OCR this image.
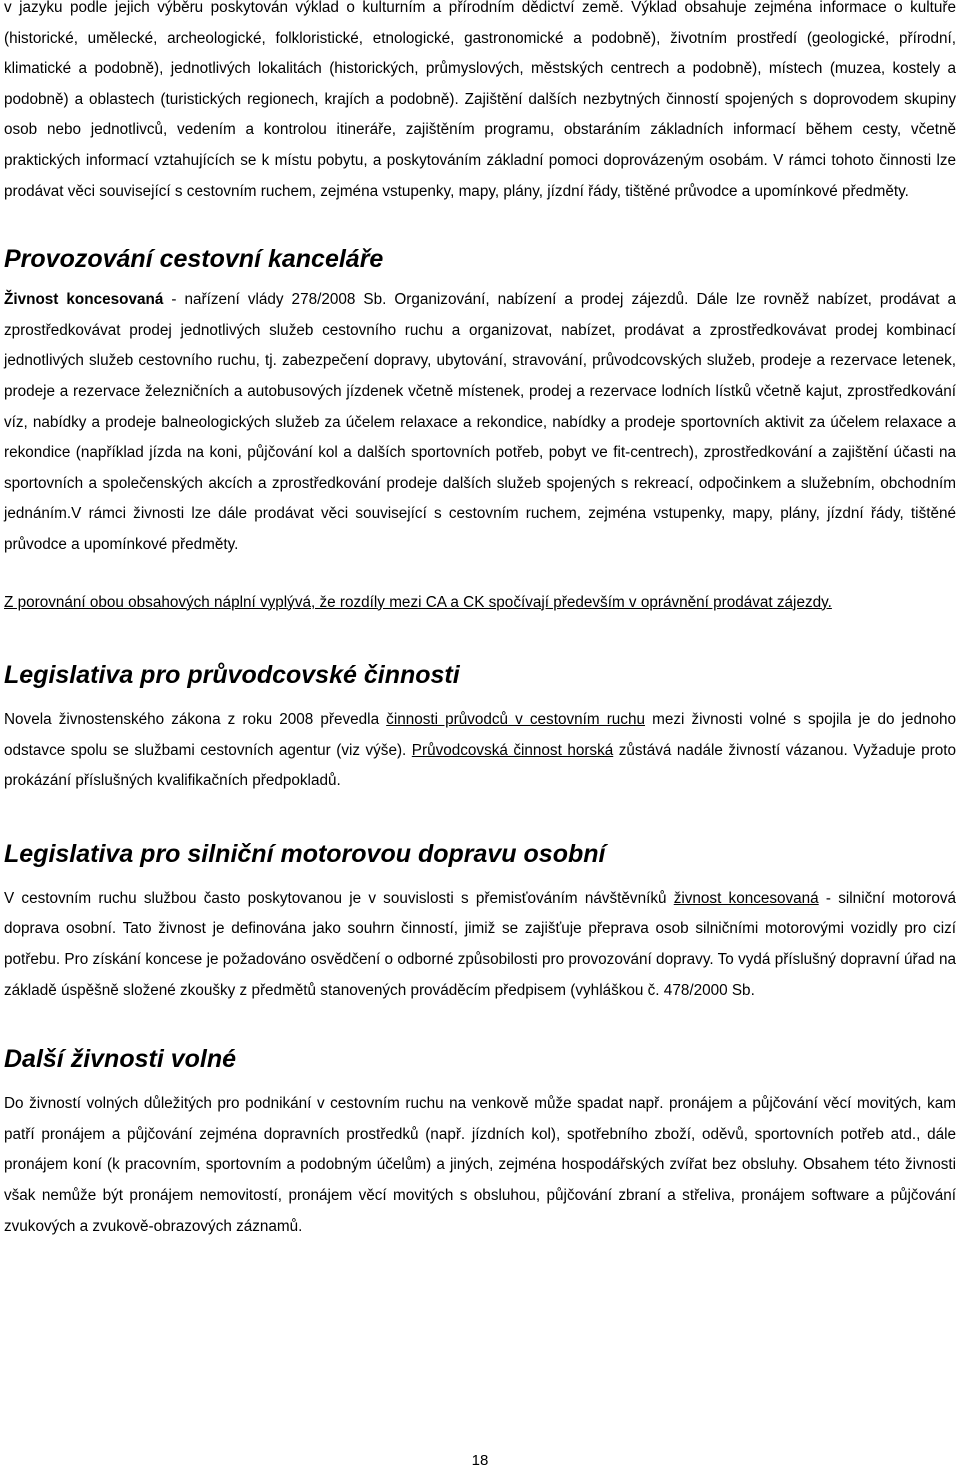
v jazyku podle jejich výběru poskytován výklad o kulturním a přírodním dědictví země. Výklad obsahuje zejména informace o kultuře (historické, umělecké, archeologické, folkloristické, etnologické, gastronomické a podobně), životním prostředí (geologické, přírodní, klimatické a podobně), jednotlivých lokalitách (historických, průmyslových, městských centrech a podobně), místech (muzea, kostely a podobně) a oblastech (turistických regionech, krajích a podobně). Zajištění dalších nezbytných činností spojených s doprovodem skupiny osob nebo jednotlivců, vedením a kontrolou itineráře, zajištěním programu, obstaráním základních informací během cesty, včetně praktických informací vztahujících se k místu pobytu, a poskytováním základní pomoci doprovázeným osobám. V rámci tohoto činnosti lze prodávat věci související s cestovním ruchem, zejména vstupenky, mapy, plány, jízdní řády, tištěné průvodce a upomínkové předměty.

Provozování cestovní kanceláře

Živnost koncesovaná - nařízení vlády 278/2008 Sb. Organizování, nabízení a prodej zájezdů. Dále lze rovněž nabízet, prodávat a zprostředkovávat prodej jednotlivých služeb cestovního ruchu a organizovat, nabízet, prodávat a zprostředkovávat prodej kombinací jednotlivých služeb cestovního ruchu, tj. zabezpečení dopravy, ubytování, stravování, průvodcovských služeb, prodeje a rezervace letenek, prodeje a rezervace železničních a autobusových jízdenek včetně místenek, prodej a rezervace lodních lístků včetně kajut, zprostředkování víz, nabídky a prodeje balneologických služeb za účelem relaxace a rekondice, nabídky a prodeje sportovních aktivit za účelem relaxace a rekondice (například jízda na koni, půjčování kol a dalších sportovních potřeb, pobyt ve fit-centrech), zprostředkování a zajištění účasti na sportovních a společenských akcích a zprostředkování prodeje dalších služeb spojených s rekreací, odpočinkem a služebním, obchodním jednáním.V rámci živnosti lze dále prodávat věci související s cestovním ruchem, zejména vstupenky, mapy, plány, jízdní řády, tištěné průvodce a upomínkové předměty.

Z porovnání obou obsahových náplní vyplývá, že rozdíly mezi CA a CK spočívají především v oprávnění prodávat zájezdy.

Legislativa pro průvodcovské činnosti

Novela živnostenského zákona z roku 2008 převedla činnosti průvodců v cestovním ruchu mezi živnosti volné s spojila je do jednoho odstavce spolu se službami cestovních agentur (viz výše). Průvodcovská činnost horská zůstává nadále živností vázanou. Vyžaduje proto prokázání příslušných kvalifikačních předpokladů.

Legislativa pro silniční motorovou dopravu osobní

V cestovním ruchu službou často poskytovanou je v souvislosti s přemisťováním návštěvníků živnost koncesovaná - silniční motorová doprava osobní. Tato živnost je definována jako souhrn činností, jimiž se zajišťuje přeprava osob silničními motorovými vozidly pro cizí potřebu. Pro získání koncese je požadováno osvědčení o odborné způsobilosti pro provozování dopravy. To vydá příslušný dopravní úřad na základě úspěšně složené zkoušky z předmětů stanovených prováděcím předpisem (vyhláškou č. 478/2000 Sb.

Další živnosti volné

Do živností volných důležitých pro podnikání v cestovním ruchu na venkově může spadat např. pronájem a půjčování věcí movitých, kam patří pronájem a půjčování zejména dopravních prostředků (např. jízdních kol), spotřebního zboží, oděvů, sportovních potřeb atd., dále pronájem koní (k pracovním, sportovním a podobným účelům) a jiných, zejména hospodářských zvířat bez obsluhy. Obsahem této živnosti však nemůže být pronájem nemovitostí, pronájem věcí movitých s obsluhou, půjčování zbraní a střeliva, pronájem software a půjčování zvukových a zvukově-obrazových záznamů.

18
